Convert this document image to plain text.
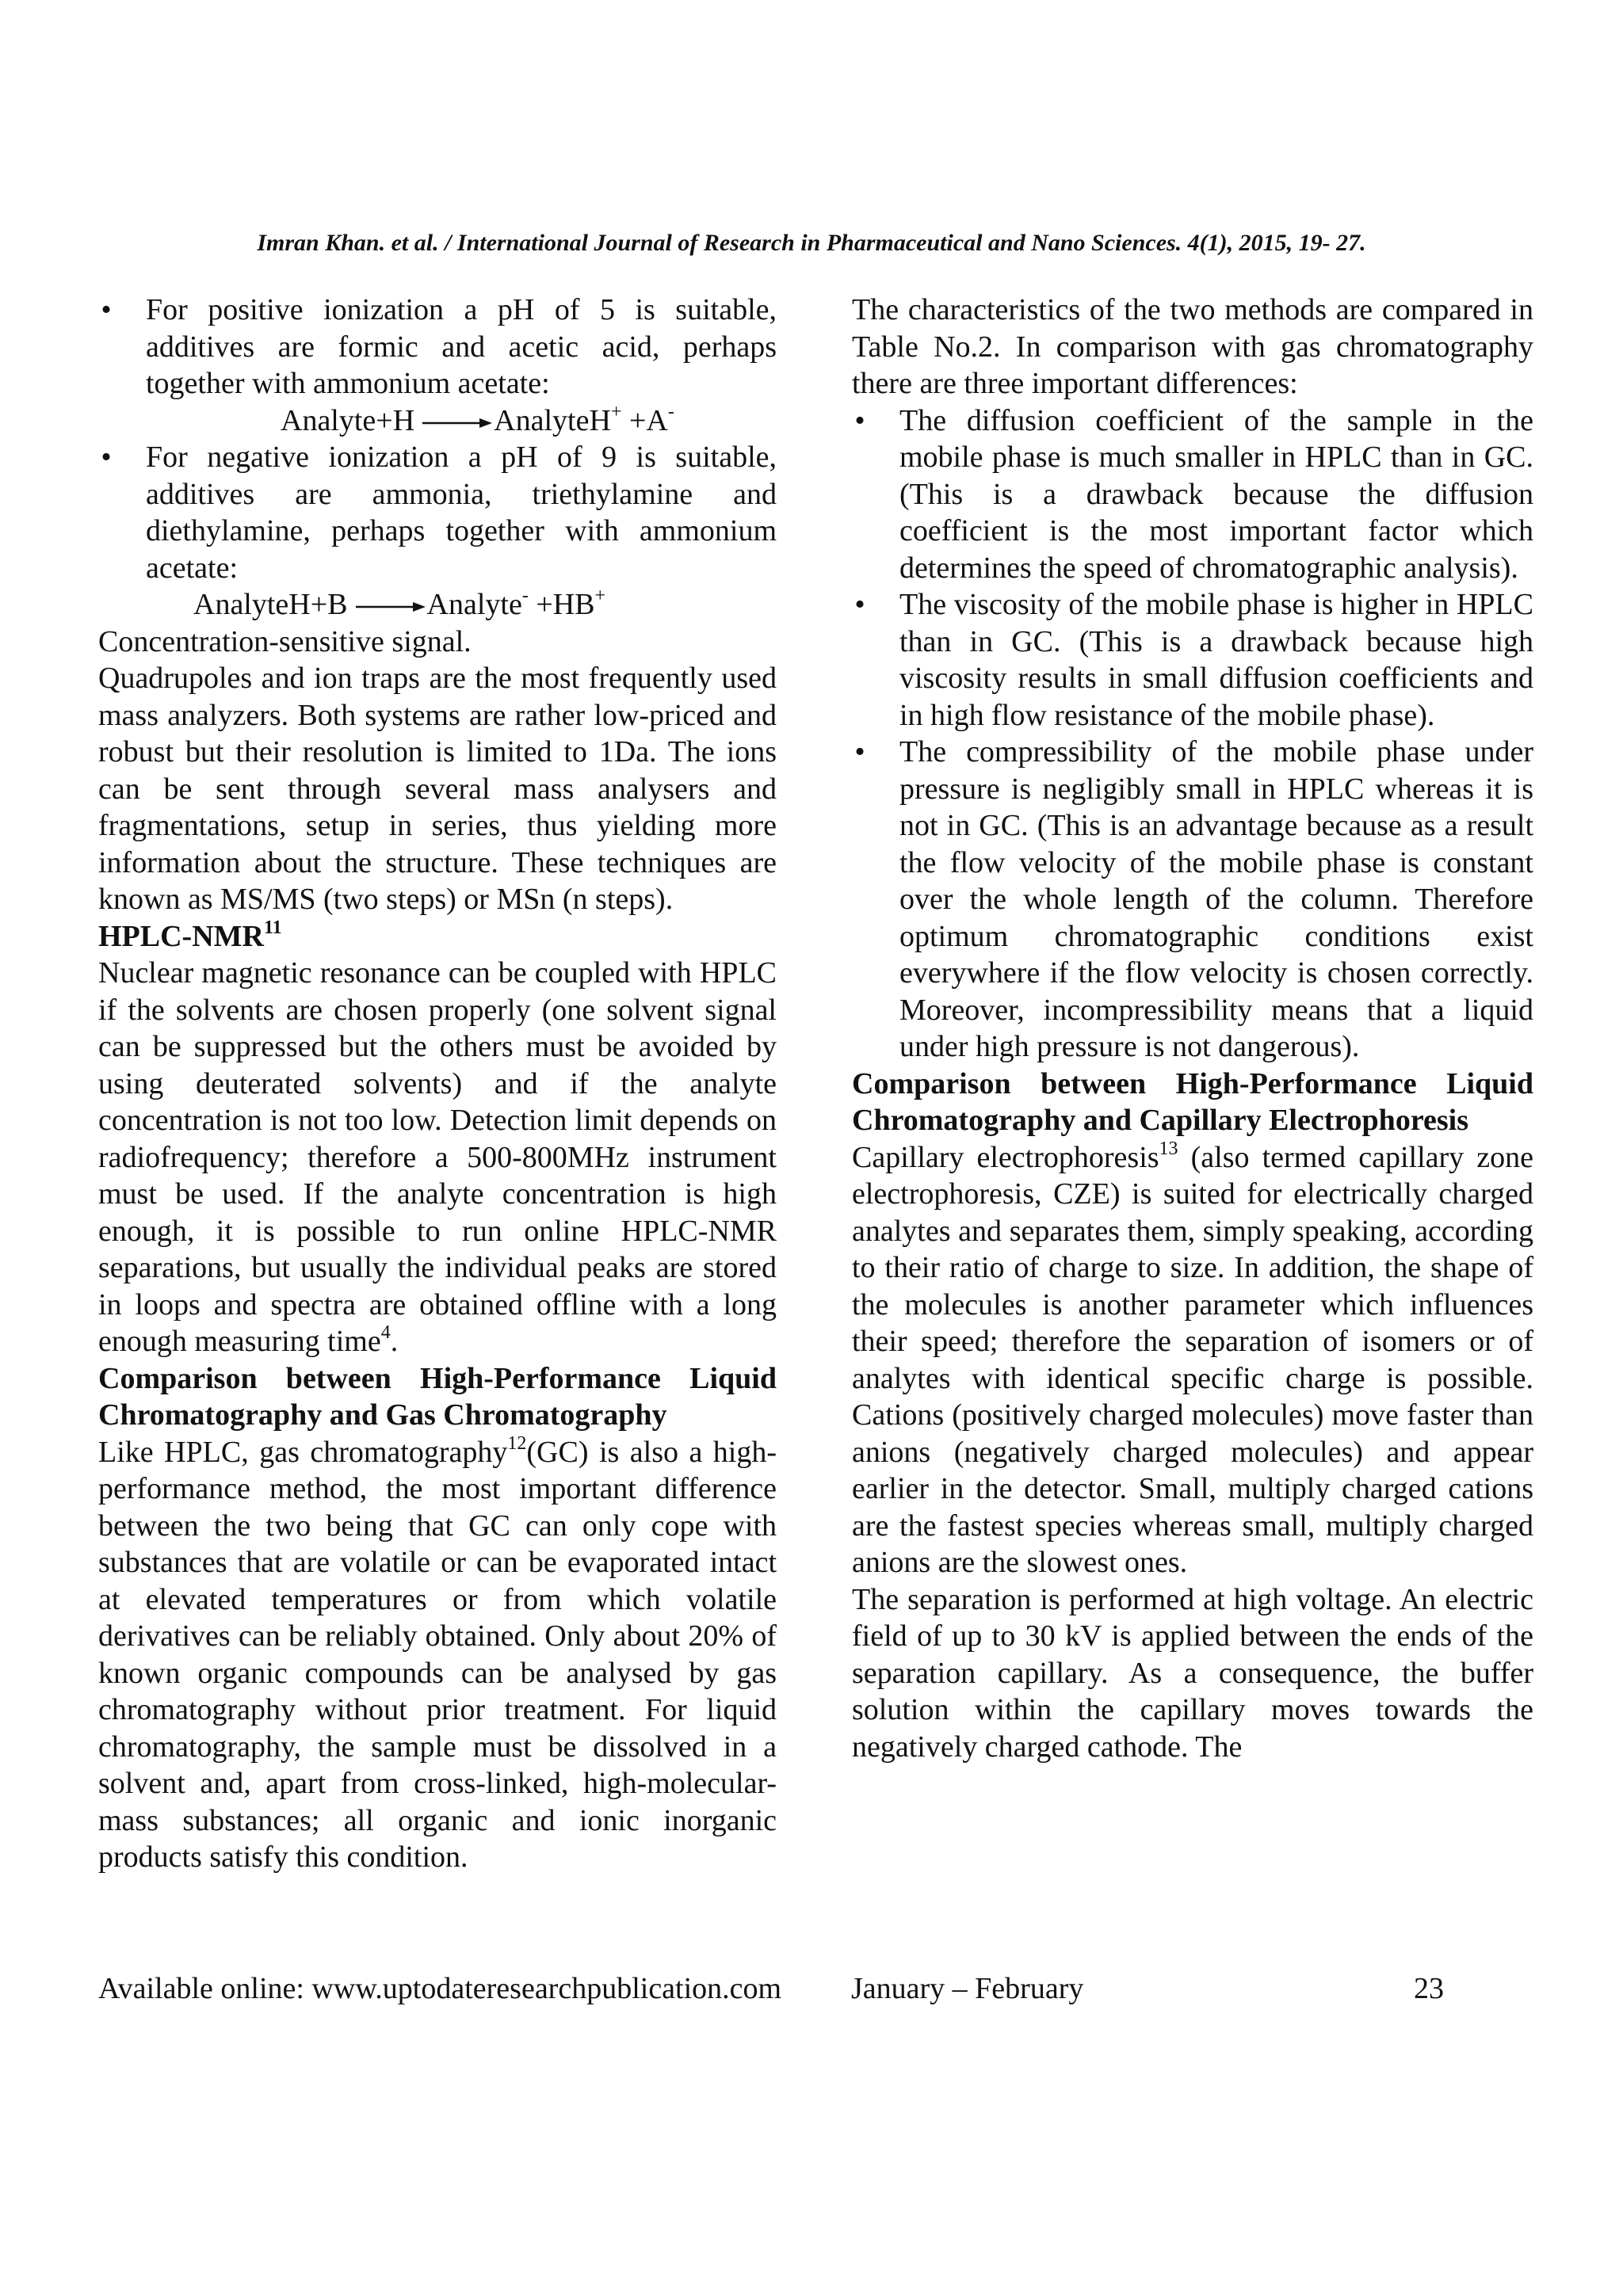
Imran Khan. et al. / International Journal of Research in Pharmaceutical and Nano Sciences. 4(1), 2015, 19- 27.
• For positive ionization a pH of 5 is suitable, additives are formic and acetic acid, perhaps together with ammonium acetate:
Analyte+H → AnalyteH+ +A-
• For negative ionization a pH of 9 is suitable, additives are ammonia, triethylamine and diethylamine, perhaps together with ammonium acetate:
AnalyteH+B → Analyte- +HB+

Concentration-sensitive signal.

Quadrupoles and ion traps are the most frequently used mass analyzers. Both systems are rather low-priced and robust but their resolution is limited to 1Da. The ions can be sent through several mass analysers and fragmentations, setup in series, thus yielding more information about the structure. These techniques are known as MS/MS (two steps) or MSn (n steps).

HPLC-NMR$^{11}$

Nuclear magnetic resonance can be coupled with HPLC if the solvents are chosen properly (one solvent signal can be suppressed but the others must be avoided by using deuterated solvents) and if the analyte concentration is not too low. Detection limit depends on radiofrequency; therefore a 500-800MHz instrument must be used. If the analyte concentration is high enough, it is possible to run online HPLC-NMR separations, but usually the individual peaks are stored in loops and spectra are obtained offline with a long enough measuring time$^4$.

Comparison between High-Performance Liquid Chromatography and Gas Chromatography

Like HPLC, gas chromatography$^{12}$(GC) is also a high-performance method, the most important difference between the two being that GC can only cope with substances that are volatile or can be evaporated intact at elevated temperatures or from which volatile derivatives can be reliably obtained. Only about 20% of known organic compounds can be analysed by gas chromatography without prior treatment. For liquid chromatography, the sample must be dissolved in a solvent and, apart from cross-linked, high-molecular-mass substances; all organic and ionic inorganic products satisfy this condition.

The characteristics of the two methods are compared in Table No.2. In comparison with gas chromatography there are three important differences:

• The diffusion coefficient of the sample in the mobile phase is much smaller in HPLC than in GC. (This is a drawback because the diffusion coefficient is the most important factor which determines the speed of chromatographic analysis).
• The viscosity of the mobile phase is higher in HPLC than in GC. (This is a drawback because high viscosity results in small diffusion coefficients and in high flow resistance of the mobile phase).
• The compressibility of the mobile phase under pressure is negligibly small in HPLC whereas it is not in GC. (This is an advantage because as a result the flow velocity of the mobile phase is constant over the whole length of the column. Therefore optimum chromatographic conditions exist everywhere if the flow velocity is chosen correctly. Moreover, incompressibility means that a liquid under high pressure is not dangerous).

Comparison between High-Performance Liquid Chromatography and Capillary Electrophoresis

Capillary electrophoresis$^{13}$ (also termed capillary zone electrophoresis, CZE) is suited for electrically charged analytes and separates them, simply speaking, according to their ratio of charge to size. In addition, the shape of the molecules is another parameter which influences their speed; therefore the separation of isomers or of analytes with identical specific charge is possible. Cations (positively charged molecules) move faster than anions (negatively charged molecules) and appear earlier in the detector. Small, multiply charged cations are the fastest species whereas small, multiply charged anions are the slowest ones.

The separation is performed at high voltage. An electric field of up to 30 kV is applied between the ends of the separation capillary. As a consequence, the buffer solution within the capillary moves towards the negatively charged cathode. The

Available online: www.uptodateresearchpublication.com January – February	23
